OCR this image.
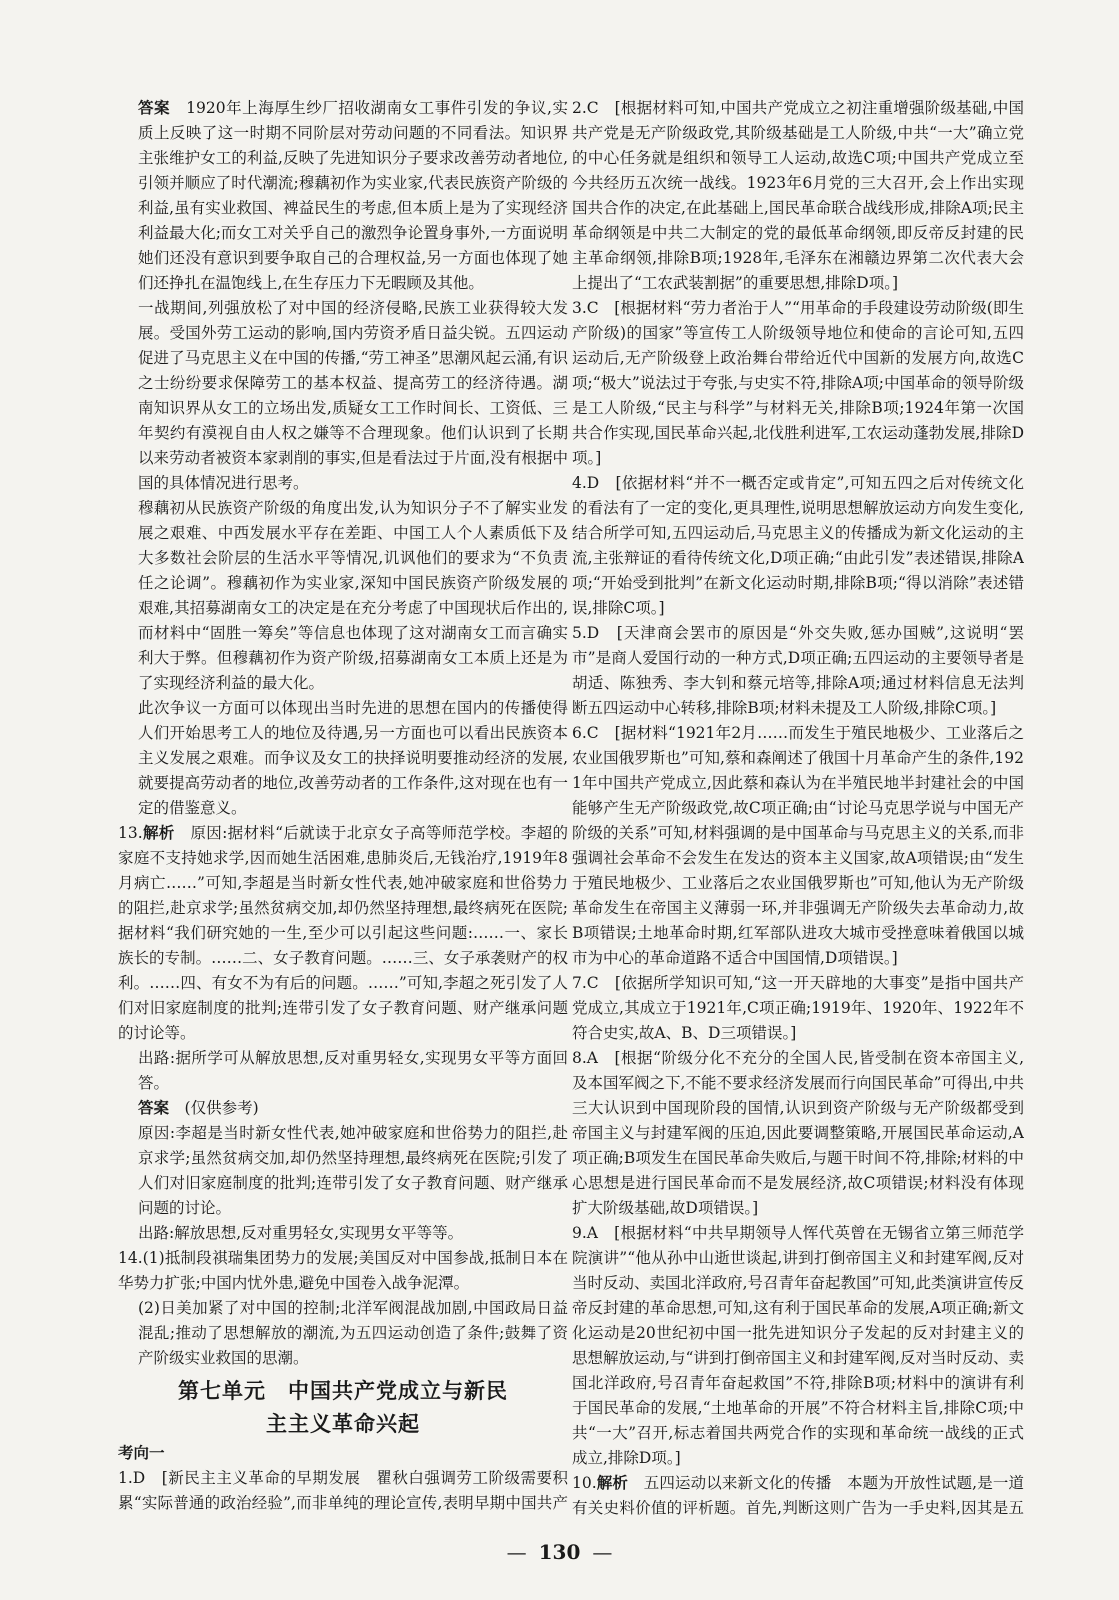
答案　 1920年上海厚生纱厂招收湖南女工事件引发的争议,实质上反映了这一时期不同阶层对劳动问题的不同看法。知识界主张维护女工的利益,反映了先进知识分子要求改善劳动者地位,引领并顺应了时代潮流;穆藕初作为实业家,代表民族资产阶级的利益,虽有实业救国、裨益民生的考虑,但本质上是为了实现经济利益最大化;而女工对关乎自己的激烈争论置身事外,一方面说明她们还没有意识到要争取自己的合理权益,另一方面也体现了她们还挣扎在温饱线上,在生存压力下无暇顾及其他。

一战期间,列强放松了对中国的经济侵略,民族工业获得较大发展。受国外劳工运动的影响,国内劳资矛盾日益尖锐。五四运动促进了马克思主义在中国的传播,“劳工神圣”思潮风起云涌,有识之士纷纷要求保障劳工的基本权益、提高劳工的经济待遇。湖南知识界从女工的立场出发,质疑女工工作时间长、工资低、三年契约有漠视自由人权之嫌等不合理现象。他们认识到了长期以来劳动者被资本家剥削的事实,但是看法过于片面,没有根据中国的具体情况进行思考。

穆藕初从民族资产阶级的角度出发,认为知识分子不了解实业发展之艰难、中西发展水平存在差距、中国工人个人素质低下及大多数社会阶层的生活水平等情况,讥讽他们的要求为“不负责任之论调”。穆藕初作为实业家,深知中国民族资产阶级发展的艰难,其招募湖南女工的决定是在充分考虑了中国现状后作出的,而材料中“固胜一筹矣”等信息也体现了这对湖南女工而言确实利大于弊。但穆藕初作为资产阶级,招募湖南女工本质上还是为了实现经济利益的最大化。

此次争议一方面可以体现出当时先进的思想在国内的传播使得人们开始思考工人的地位及待遇,另一方面也可以看出民族资本主义发展之艰难。而争议及女工的抉择说明要推动经济的发展,就要提高劳动者的地位,改善劳动者的工作条件,这对现在也有一定的借鉴意义。

13.解析　 原因:据材料“后就读于北京女子高等师范学校。李超的家庭不支持她求学,因而她生活困难,患肺炎后,无钱治疗,1919年8月病亡……”可知,李超是当时新女性代表,她冲破家庭和世俗势力的阻拦,赴京求学;虽然贫病交加,却仍然坚持理想,最终病死在医院;据材料“我们研究她的一生,至少可以引起这些问题:……一、家长族长的专制。……二、女子教育问题。……三、女子承袭财产的权利。……四、有女不为有后的问题。……”可知,李超之死引发了人们对旧家庭制度的批判;连带引发了女子教育问题、财产继承问题的讨论等。

出路:据所学可从解放思想,反对重男轻女,实现男女平等方面回答。

答案　 (仅供参考)

原因:李超是当时新女性代表,她冲破家庭和世俗势力的阻拦,赴京求学;虽然贫病交加,却仍然坚持理想,最终病死在医院;引发了人们对旧家庭制度的批判;连带引发了女子教育问题、财产继承问题的讨论。

出路:解放思想,反对重男轻女,实现男女平等等。

14.(1)抵制段祺瑞集团势力的发展;美国反对中国参战,抵制日本在华势力扩张;中国内忧外患,避免中国卷入战争泥潭。

(2)日美加紧了对中国的控制;北洋军阀混战加剧,中国政局日益混乱;推动了思想解放的潮流,为五四运动创造了条件;鼓舞了资产阶级实业救国的思潮。

第七单元　中国共产党成立与新民
主主义革命兴起

考向一

1.D　[新民主主义革命的早期发展　瞿秋白强调劳工阶级需要积累“实际普通的政治经验”,而非单纯的理论宣传,表明早期中国共产

2.C　[根据材料可知,中国共产党成立之初注重增强阶级基础,中国共产党是无产阶级政党,其阶级基础是工人阶级,中共“一大”确立党的中心任务就是组织和领导工人运动,故选C项;中国共产党成立至今共经历五次统一战线。1923年6月党的三大召开,会上作出实现国共合作的决定,在此基础上,国民革命联合战线形成,排除A项;民主革命纲领是中共二大制定的党的最低革命纲领,即反帝反封建的民主革命纲领,排除B项;1928年,毛泽东在湘赣边界第二次代表大会上提出了“工农武装割据”的重要思想,排除D项。]

3.C　[根据材料“劳力者治于人”“用革命的手段建设劳动阶级(即生产阶级)的国家”等宣传工人阶级领导地位和使命的言论可知,五四运动后,无产阶级登上政治舞台带给近代中国新的发展方向,故选C项;“极大”说法过于夸张,与史实不符,排除A项;中国革命的领导阶级是工人阶级,“民主与科学”与材料无关,排除B项;1924年第一次国共合作实现,国民革命兴起,北伐胜利进军,工农运动蓬勃发展,排除D项。]

4.D　[依据材料“并不一概否定或肯定”,可知五四之后对传统文化的看法有了一定的变化,更具理性,说明思想解放运动方向发生变化,结合所学可知,五四运动后,马克思主义的传播成为新文化运动的主流,主张辩证的看待传统文化,D项正确;“由此引发”表述错误,排除A项;“开始受到批判”在新文化运动时期,排除B项;“得以消除”表述错误,排除C项。]

5.D　[天津商会罢市的原因是“外交失败,惩办国贼”,这说明“罢市”是商人爱国行动的一种方式,D项正确;五四运动的主要领导者是胡适、陈独秀、李大钊和蔡元培等,排除A项;通过材料信息无法判断五四运动中心转移,排除B项;材料未提及工人阶级,排除C项。]

6.C　[据材料“1921年2月……而发生于殖民地极少、工业落后之农业国俄罗斯也”可知,蔡和森阐述了俄国十月革命产生的条件,1921年中国共产党成立,因此蔡和森认为在半殖民地半封建社会的中国能够产生无产阶级政党,故C项正确;由“讨论马克思学说与中国无产阶级的关系”可知,材料强调的是中国革命与马克思主义的关系,而非强调社会革命不会发生在发达的资本主义国家,故A项错误;由“发生于殖民地极少、工业落后之农业国俄罗斯也”可知,他认为无产阶级革命发生在帝国主义薄弱一环,并非强调无产阶级失去革命动力,故B项错误;土地革命时期,红军部队进攻大城市受挫意味着俄国以城市为中心的革命道路不适合中国国情,D项错误。]

7.C　[依据所学知识可知,“这一开天辟地的大事变”是指中国共产党成立,其成立于1921年,C项正确;1919年、1920年、1922年不符合史实,故A、B、D三项错误。]

8.A　[根据“阶级分化不充分的全国人民,皆受制在资本帝国主义,及本国军阀之下,不能不要求经济发展而行向国民革命”可得出,中共三大认识到中国现阶段的国情,认识到资产阶级与无产阶级都受到帝国主义与封建军阀的压迫,因此要调整策略,开展国民革命运动,A项正确;B项发生在国民革命失败后,与题干时间不符,排除;材料的中心思想是进行国民革命而不是发展经济,故C项错误;材料没有体现扩大阶级基础,故D项错误。]

9.A　[根据材料“中共早期领导人恽代英曾在无锡省立第三师范学院演讲”“他从孙中山逝世谈起,讲到打倒帝国主义和封建军阀,反对当时反动、卖国北洋政府,号召青年奋起教国”可知,此类演讲宣传反帝反封建的革命思想,可知,这有利于国民革命的发展,A项正确;新文化运动是20世纪初中国一批先进知识分子发起的反对封建主义的思想解放运动,与“讲到打倒帝国主义和封建军阀,反对当时反动、卖国北洋政府,号召青年奋起救国”不符,排除B项;材料中的演讲有利于国民革命的发展,“土地革命的开展”不符合材料主旨,排除C项;中共“一大”召开,标志着国共两党合作的实现和革命统一战线的正式成立,排除D项。]

10.解析　 五四运动以来新文化的传播　本题为开放性试题,是一道有关史料价值的评析题。首先,判断这则广告为一手史料,因其是五

— 130 —
